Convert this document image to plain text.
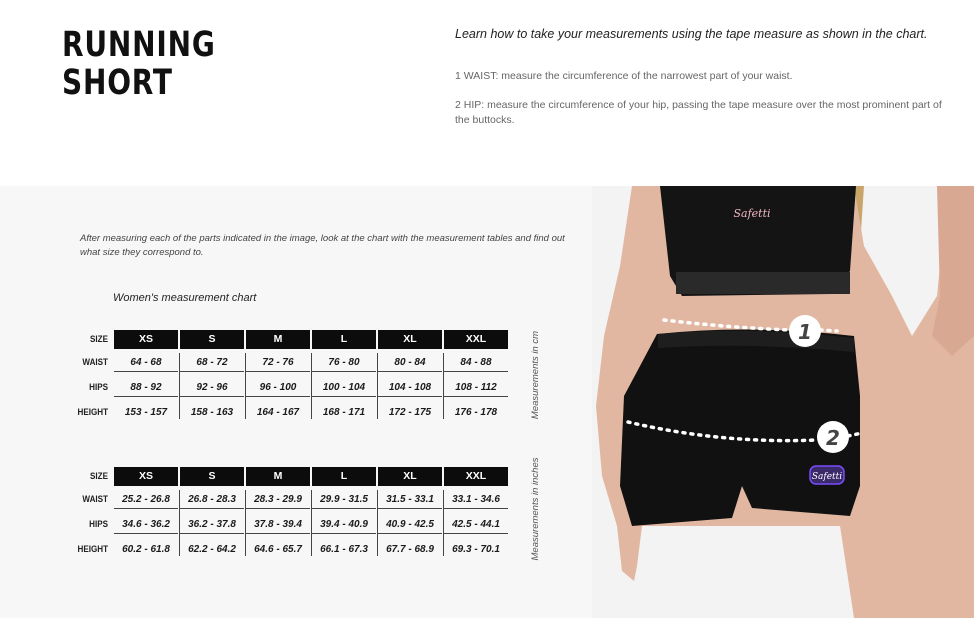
RUNNING
SHORT
Learn how to take your measurements using the tape measure as shown in the chart.
1 WAIST: measure the circumference of the narrowest part of your waist.
2 HIP: measure the circumference of your hip, passing the tape measure over the most prominent part of the buttocks.
After measuring each of the parts indicated in the image, look at the chart with the measurement tables and find out what size they correspond to.
Women's measurement chart
SIZE	XS	S	M	L	XL	XXL
WAIST	64 - 68	68 - 72	72 - 76	76 - 80	80 - 84	84 - 88
HIPS	88 - 92	92 - 96	96 - 100	100 - 104	104 - 108	108 - 112
HEIGHT	153 - 157	158 - 163	164 - 167	168 - 171	172 - 175	176 - 178	Measurements in cm
SIZE	XS	S	M	L	XL	XXL
WAIST	25.2 - 26.8	26.8 - 28.3	28.3 - 29.9	29.9 - 31.5	31.5 - 33.1	33.1 - 34.6
HIPS	34.6 - 36.2	36.2 - 37.8	37.8 - 39.4	39.4 - 40.9	40.9 - 42.5	42.5 - 44.1
HEIGHT	60.2 - 61.8	62.2 - 64.2	64.6 - 65.7	66.1 - 67.3	67.7 - 68.9	69.3 - 70.1	Measurements in inches
Safetti
Safetti
1
2
